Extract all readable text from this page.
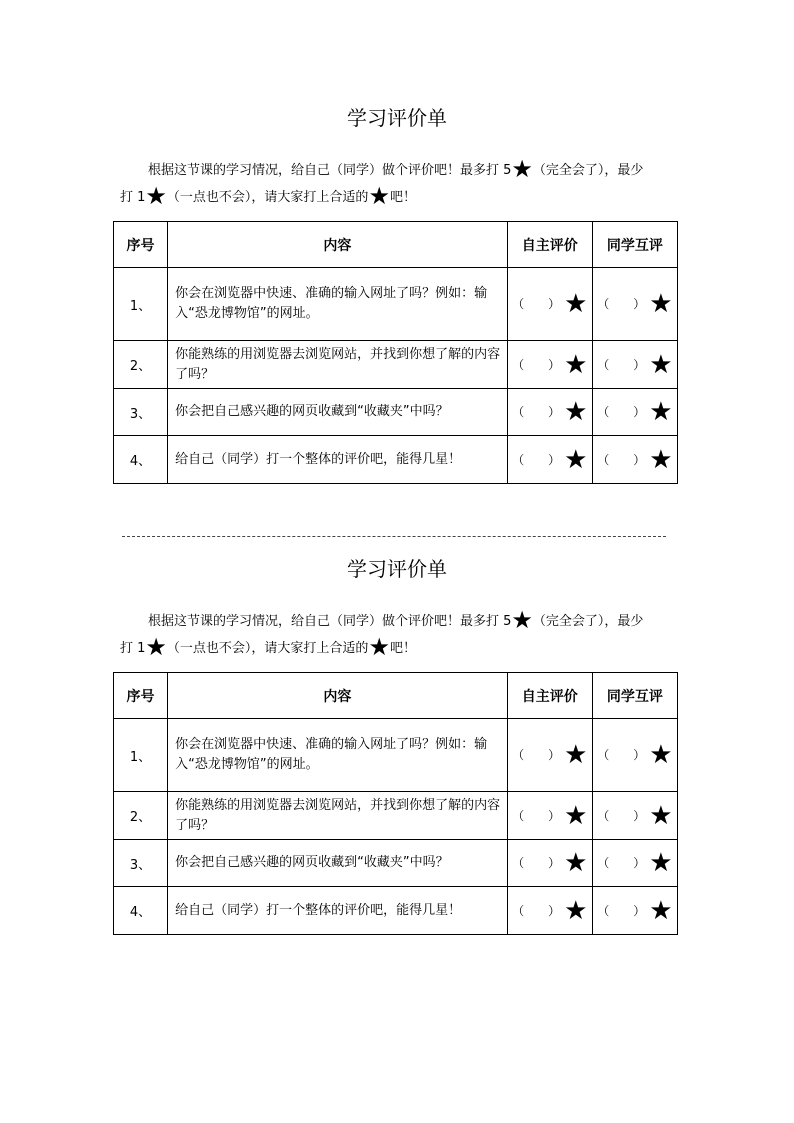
学习评价单
根据这节课的学习情况，给自己（同学）做个评价吧！最多打 5★（完全会了），最少
打 1★（一点也不会），请大家打上合适的★吧！
序号	内容	自主评价	同学互评
1、	你会在浏览器中快速、准确的输入网址了吗？例如：输入“恐龙博物馆”的网址。	（　　） ★	（　　） ★
2、	你能熟练的用浏览器去浏览网站，并找到你想了解的内容了吗？	（　　） ★	（　　） ★
3、	你会把自己感兴趣的网页收藏到“收藏夹”中吗？	（　　） ★	（　　） ★
4、	给自己（同学）打一个整体的评价吧，能得几星！	（　　） ★	（　　） ★
学习评价单
根据这节课的学习情况，给自己（同学）做个评价吧！最多打 5★（完全会了），最少
打 1★（一点也不会），请大家打上合适的★吧！
序号	内容	自主评价	同学互评
1、	你会在浏览器中快速、准确的输入网址了吗？例如：输入“恐龙博物馆”的网址。	（　　） ★	（　　） ★
2、	你能熟练的用浏览器去浏览网站，并找到你想了解的内容了吗？	（　　） ★	（　　） ★
3、	你会把自己感兴趣的网页收藏到“收藏夹”中吗？	（　　） ★	（　　） ★
4、	给自己（同学）打一个整体的评价吧，能得几星！	（　　） ★	（　　） ★
